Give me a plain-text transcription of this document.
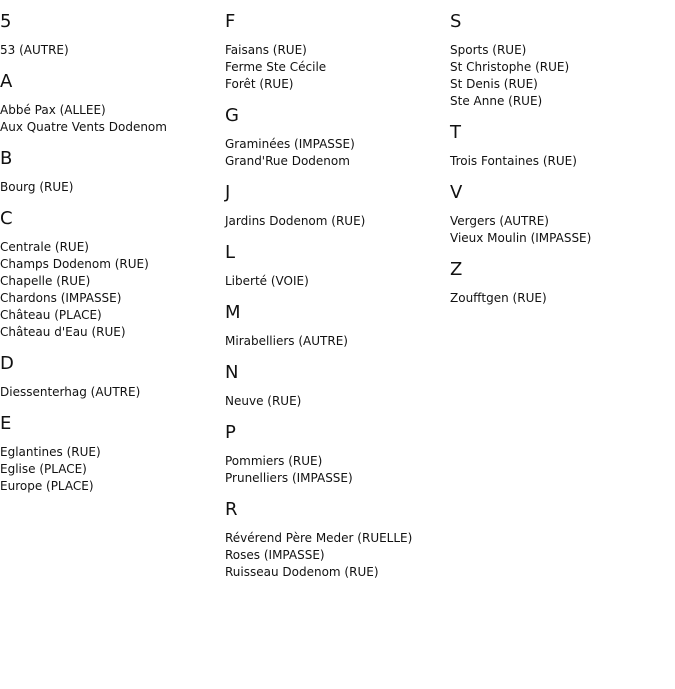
5
53 (AUTRE)
A
Abbé Pax (ALLEE)
Aux Quatre Vents Dodenom
B
Bourg (RUE)
C
Centrale (RUE)
Champs Dodenom (RUE)
Chapelle (RUE)
Chardons (IMPASSE)
Château (PLACE)
Château d'Eau (RUE)
D
Diessenterhag (AUTRE)
E
Eglantines (RUE)
Eglise (PLACE)
Europe (PLACE)
F
Faisans (RUE)
Ferme Ste Cécile
Forêt (RUE)
G
Graminées (IMPASSE)
Grand'Rue Dodenom
J
Jardins Dodenom (RUE)
L
Liberté (VOIE)
M
Mirabelliers (AUTRE)
N
Neuve (RUE)
P
Pommiers (RUE)
Prunelliers (IMPASSE)
R
Révérend Père Meder (RUELLE)
Roses (IMPASSE)
Ruisseau Dodenom (RUE)
S
Sports (RUE)
St Christophe (RUE)
St Denis (RUE)
Ste Anne (RUE)
T
Trois Fontaines (RUE)
V
Vergers (AUTRE)
Vieux Moulin (IMPASSE)
Z
Zoufftgen (RUE)
